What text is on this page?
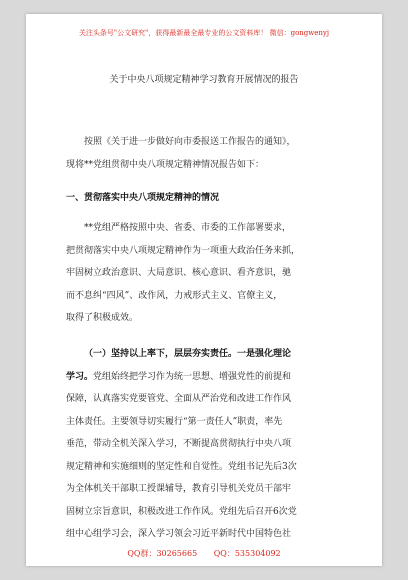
关注头条号"公文研究"，获得最新最全最专业的公文资料库！ 微信：gongwenyj
关于中央八项规定精神学习教育开展情况的报告

按照《关于进一步做好向市委报送工作报告的通知》，
现将**党组贯彻中央八项规定精神情况报告如下：

一、贯彻落实中央八项规定精神的情况

**党组严格按照中央、省委、市委的工作部署要求，
把贯彻落实中央八项规定精神作为一项重大政治任务来抓，
牢固树立政治意识、大局意识、核心意识、看齐意识，驰
而不息纠“四风”、改作风，力戒形式主义、官僚主义，
取得了积极成效。

（一）坚持以上率下，层层夯实责任。一是强化理论
学习。党组始终把学习作为统一思想、增强党性的前提和
保障，认真落实党要管党、全面从严治党和改进工作作风
主体责任。主要领导切实履行“第一责任人”职责，率先
垂范，带动全机关深入学习，不断提高贯彻执行中央八项
规定精神和实施细则的坚定性和自觉性。党组书记先后3次
为全体机关干部职工授课辅导，教育引导机关党员干部牢
固树立宗旨意识，积极改进工作作风。党组先后召开6次党
组中心组学习会，深入学习领会习近平新时代中国特色社

QQ群：30265665 QQ：535304092
